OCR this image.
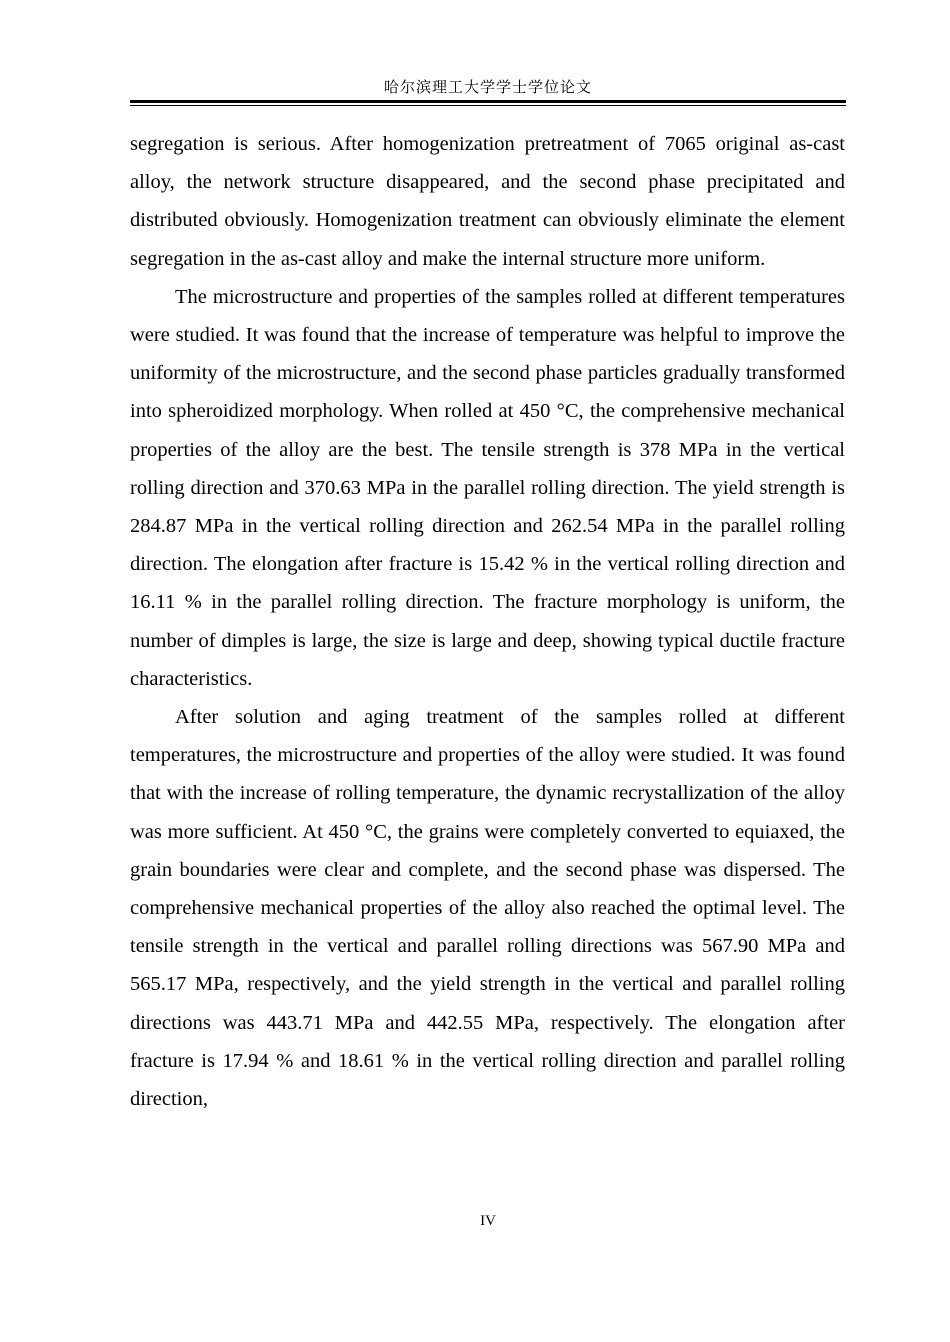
哈尔滨理工大学学士学位论文

segregation is serious. After homogenization pretreatment of 7065 original as-cast alloy, the network structure disappeared, and the second phase precipitated and distributed obviously. Homogenization treatment can obviously eliminate the element segregation in the as-cast alloy and make the internal structure more uniform.

The microstructure and properties of the samples rolled at different temperatures were studied. It was found that the increase of temperature was helpful to improve the uniformity of the microstructure, and the second phase particles gradually transformed into spheroidized morphology. When rolled at 450 °C, the comprehensive mechanical properties of the alloy are the best. The tensile strength is 378 MPa in the vertical rolling direction and 370.63 MPa in the parallel rolling direction. The yield strength is 284.87 MPa in the vertical rolling direction and 262.54 MPa in the parallel rolling direction. The elongation after fracture is 15.42 % in the vertical rolling direction and 16.11 % in the parallel rolling direction. The fracture morphology is uniform, the number of dimples is large, the size is large and deep, showing typical ductile fracture characteristics.

After solution and aging treatment of the samples rolled at different temperatures, the microstructure and properties of the alloy were studied. It was found that with the increase of rolling temperature, the dynamic recrystallization of the alloy was more sufficient. At 450 °C, the grains were completely converted to equiaxed, the grain boundaries were clear and complete, and the second phase was dispersed. The comprehensive mechanical properties of the alloy also reached the optimal level. The tensile strength in the vertical and parallel rolling directions was 567.90 MPa and 565.17 MPa, respectively, and the yield strength in the vertical and parallel rolling directions was 443.71 MPa and 442.55 MPa, respectively. The elongation after fracture is 17.94 % and 18.61 % in the vertical rolling direction and parallel rolling direction,

IV
